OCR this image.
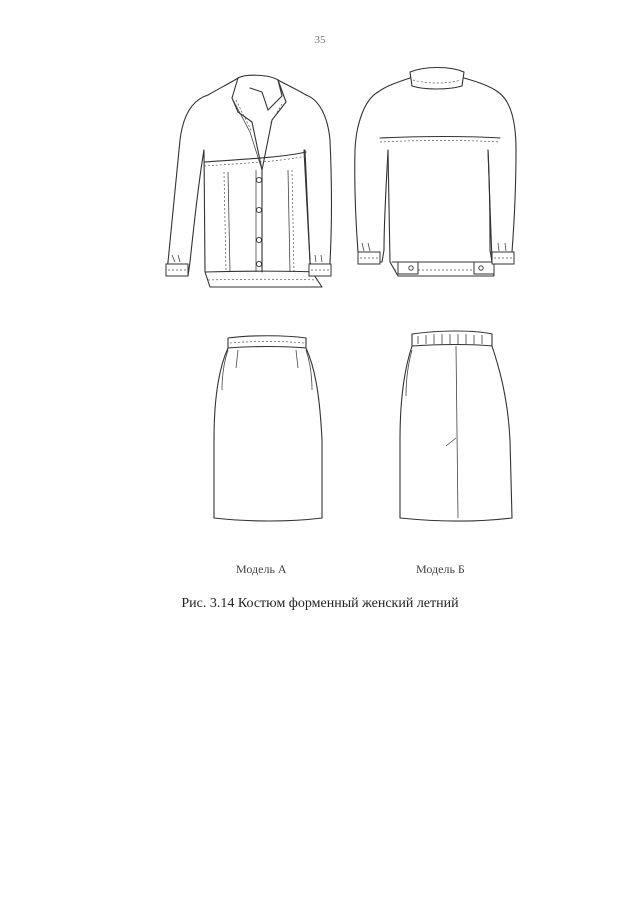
35
Модель А	Модель Б
Рис. 3.14 Костюм форменный женский летний
